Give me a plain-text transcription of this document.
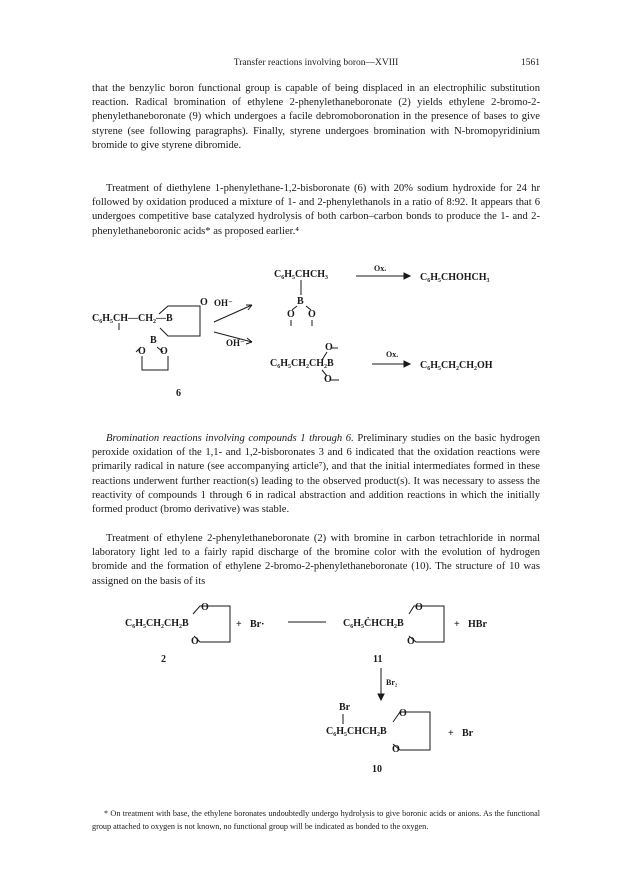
Transfer reactions involving boron—XVIII	1561

that the benzylic boron functional group is capable of being displaced in an electrophilic substitution reaction. Radical bromination of ethylene 2-phenylethaneboronate (2) yields ethylene 2-bromo-2-phenylethaneboronate (9) which undergoes a facile debromoboronation in the presence of bases to give styrene (see following paragraphs). Finally, styrene undergoes bromination with N-bromopyridinium bromide to give styrene dibromide.

Treatment of diethylene 1-phenylethane-1,2-bisboronate (6) with 20% sodium hydroxide for 24 hr followed by oxidation produced a mixture of 1- and 2-phenylethanols in a ratio of 8:92. It appears that 6 undergoes competitive base catalyzed hydrolysis of both carbon–carbon bonds to produce the 1- and 2-phenylethaneboronic acids* as proposed earlier.⁴

C₆H₅CH—CH₂—B
B
O O
O
6
OH⁻
OH⁻
C₆H₅CHCH₃
B
O O
Ox.
C₆H₅CHOHCH₃
C₆H₅CH₂CH₂B
O
O
Ox.
C₆H₅CH₂CH₂OH

Bromination reactions involving compounds 1 through 6. Preliminary studies on the basic hydrogen peroxide oxidation of the 1,1- and 1,2-bisboronates 3 and 6 indicated that the oxidation reactions were primarily radical in nature (see accompanying article⁷), and that the initial intermediates formed in these reactions underwent further reaction(s) leading to the observed product(s). It was necessary to assess the reactivity of compounds 1 through 6 in radical abstraction and addition reactions in which the initially formed product (bromo derivative) was stable.

Treatment of ethylene 2-phenylethaneboronate (2) with bromine in carbon tetrachloride in normal laboratory light led to a fairly rapid discharge of the bromine color with the evolution of hydrogen bromide and the formation of ethylene 2-bromo-2-phenylethaneboronate (10). The structure of 10 was assigned on the basis of its

C₆H₅CH₂CH₂B
O
O
2
+ Br·	C₆H₅ĊHCH₂B
O
O
11
+ HBr
Br₂
Br
C₆H₅CHCH₂B
O
O
10
+ Br

* On treatment with base, the ethylene boronates undoubtedly undergo hydrolysis to give boronic acids or anions. As the functional group attached to oxygen is not known, no functional group will be indicated as bonded to the oxygen.
